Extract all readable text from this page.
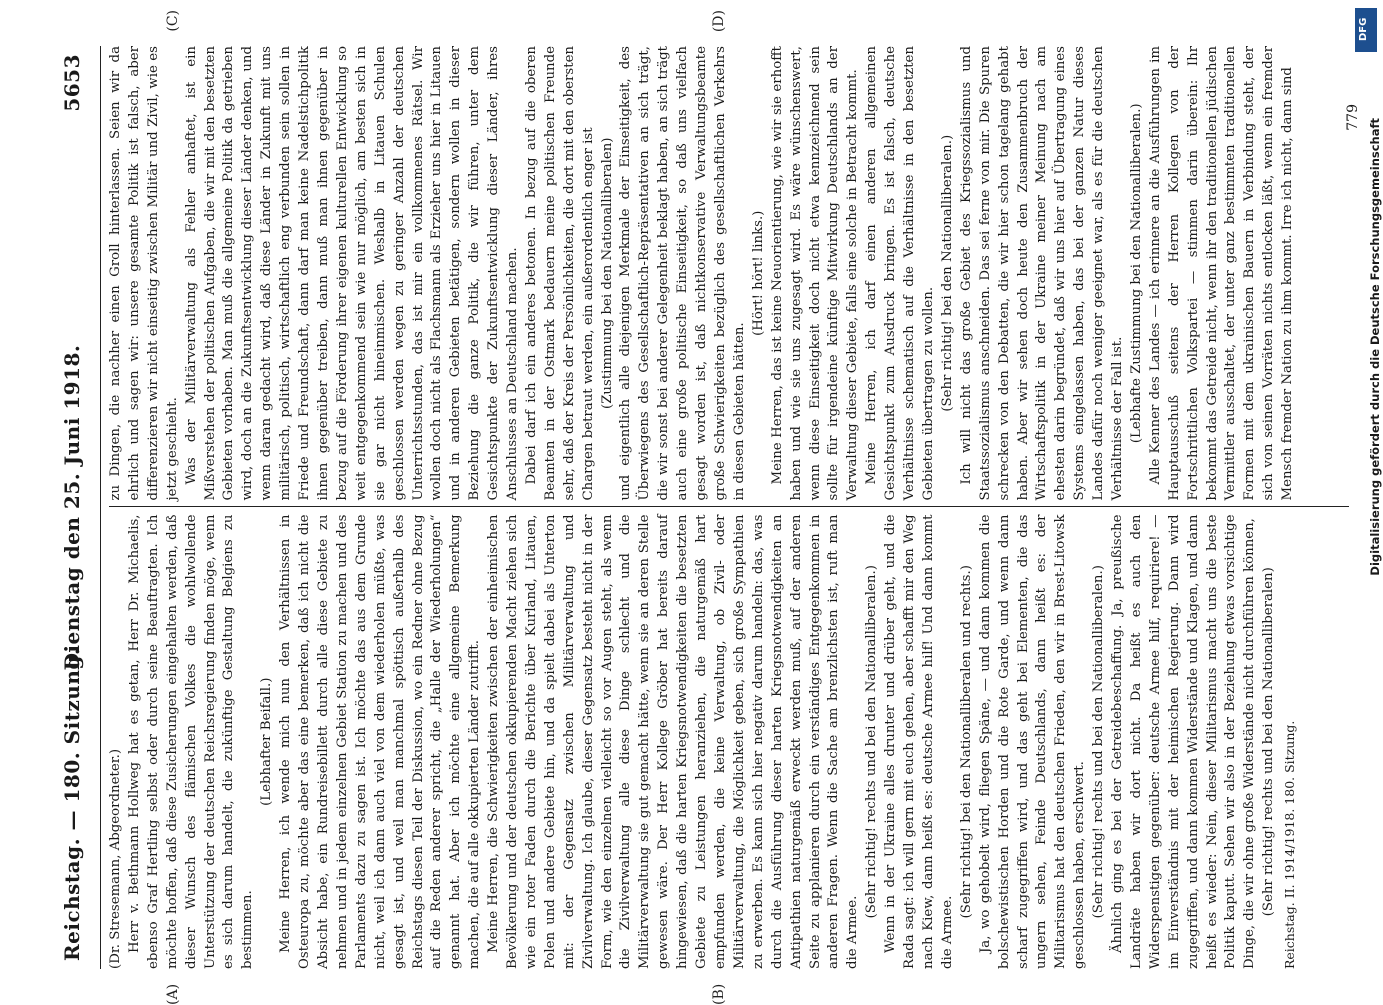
Reichstag. — 180. Sitzung.
Dienstag den 25. Juni 1918.
5653
(A)	(B)
(C)	(D)

(Dr. Stresemann, Abgeordneter.) Herr v. Bethmann Hollweg hat es getan, Herr Dr. Michaelis, ebenso Graf Hertling selbst oder durch seine Beauftragten. Ich möchte hoffen, daß diese Zusicherungen eingehalten werden, daß dieser Wunsch des flämischen Volkes die wohlwollende Unterstützung der deutschen Reichsregierung finden möge, wenn es sich darum handelt, die zukünftige Gestaltung Belgiens zu bestimmen.

(Lebhafter Beifall.) Meine Herren, ich wende mich nun den Verhältnissen in Osteuropa zu, möchte aber das eine bemerken, daß ich nicht die Absicht habe, ein Rundreisebillett durch alle diese Gebiete zu nehmen und in jedem einzelnen Gebiet Station zu machen und des Parlaments dazu zu sagen ist. Ich möchte das aus dem Grunde nicht, weil ich dann auch viel von dem wiederholen müßte, was gesagt ist, und weil man manchmal spöttisch außerhalb des Reichstags diesen Teil der Diskussion, wo ein Redner ohne Bezug auf die Reden anderer spricht, die „Halle der Wiederholungen“ genannt hat. Aber ich möchte eine allgemeine Bemerkung machen, die auf alle okkupierten Länder zutrifft. Meine Herren, die Schwierigkeiten zwischen der einheimischen Bevölkerung und der deutschen okkupierenden Macht ziehen sich wie ein roter Faden durch die Berichte über Kurland, Litauen, Polen und andere Gebiete hin, und da spielt dabei als Unterton mit: der Gegensatz zwischen Militärverwaltung und Zivilverwaltung. Ich glaube, dieser Gegensatz besteht nicht in der Form, wie den einzelnen vielleicht so vor Augen steht, als wenn die Zivilverwaltung alle diese Dinge schlecht und die Militärverwaltung sie gut gemacht hätte, wenn sie an deren Stelle gewesen wäre. Der Herr Kollege Gröber hat bereits darauf hingewiesen, daß die harten Kriegsnotwendigkeiten die besetzten Gebiete zu Leistungen heranziehen, die naturgemäß hart empfunden werden, die keine Verwaltung, ob Zivil- oder Militärverwaltung, die Möglichkeit geben, sich große Sympathien zu erwerben. Es kann sich hier negativ darum handeln: das, was durch die Ausführung dieser harten Kriegsnotwendigkeiten an Antipathien naturgemäß erweckt werden muß, auf der anderen Seite zu applanieren durch ein verständiges Entgegenkommen in anderen Fragen. Wenn die Sache am brenzlichsten ist, ruft man die Armee.

(Sehr richtig! rechts und bei den Nationalliberalen.) Wenn in der Ukraine alles drunter und drüber geht, und die Rada sagt: ich will gern mit euch gehen, aber schafft mir den Weg nach Kiew, dann heißt es: deutsche Armee hilf! Und dann kommt die Armee.

(Sehr richtig! bei den Nationalliberalen und rechts.) Ja, wo gehobelt wird, fliegen Späne, — und dann kommen die bolschewistischen Horden und die Rote Garde, und wenn dann scharf zugegriffen wird, und das geht bei Elementen, die das ungern sehen, Feinde Deutschlands, dann heißt es: der Militarismus hat den deutschen Frieden, den wir in Brest-Litowsk geschlossen haben, erschwert. (Sehr richtig! rechts und bei den Nationalliberalen.) Ähnlich ging es bei der Getreidebeschaffung. Ja, preußische Landräte haben wir dort nicht. Da heißt es auch den Widerspenstigen gegenüber: deutsche Armee hilf, requiriere! — im Einverständnis mit der heimischen Regierung. Dann wird zugegriffen, und dann kommen Widerstände und Klagen, und dann heißt es wieder: Nein, dieser Militarismus macht uns die beste Politik kaputt. Sehen wir also in der Beziehung etwas vorsichtige Dinge, die wir ohne große Widerstände nicht durchführen können, (Sehr richtig! rechts und bei den Nationalliberalen) Reichstag. II. 1914/1918. 180. Sitzung.

zu Dingen, die nachher einen Groll hinterlassen. Seien wir da ehrlich und sagen wir: unsere gesamte Politik ist falsch, aber differenzieren wir nicht einseitig zwischen Militär und Zivil, wie es jetzt geschieht. Was der Militärverwaltung als Fehler anhaftet, ist ein Mißverstehen der politischen Aufgaben, die wir mit den besetzten Gebieten vorhaben. Man muß die allgemeine Politik da getrieben wird, doch an die Zukunftsentwicklung dieser Länder denken, und wenn daran gedacht wird, daß diese Länder in Zukunft mit uns militärisch, politisch, wirtschaftlich eng verbunden sein sollen in Friede und Freundschaft, dann darf man keine Nadelstichpolitik ihnen gegenüber treiben, dann muß man ihnen gegenüber in bezug auf die Förderung ihrer eigenen kulturellen Entwicklung so weit entgegenkommend sein wie nur möglich, am besten sich in sie gar nicht hineinmischen. Weshalb in Litauen Schulen geschlossen werden wegen zu geringer Anzahl der deutschen Unterrichtsstunden, das ist mir ein vollkommenes Rätsel. Wir wollen doch nicht als Flachsmann als Erzieher uns hier in Litauen und in anderen Gebieten betätigen, sondern wollen in dieser Beziehung die ganze Politik, die wir führen, unter dem Gesichtspunkte der Zukunftsentwicklung dieser Länder, ihres Anschlusses an Deutschland machen. Dabei darf ich ein anderes betonen. In bezug auf die oberen Beamten in der Ostmark bedauern meine politischen Freunde sehr, daß der Kreis der Persönlichkeiten, die dort mit den obersten Chargen betraut werden, ein außerordentlich enger ist (Zustimmung bei den Nationalliberalen) und eigentlich alle diejenigen Merkmale der Einseitigkeit, des Überwiegens des Gesellschaftlich-Repräsentativen an sich trägt, die wir sonst bei anderer Gelegenheit beklagt haben, an sich trägt auch eine große politische Einseitigkeit, so daß uns vielfach gesagt worden ist, daß nichtkonservative Verwaltungsbeamte große Schwierigkeiten bezüglich des gesellschaftlichen Verkehrs in diesen Gebieten hätten.

(Hört! hört! links.) Meine Herren, das ist keine Neuorientierung, wie wir sie erhofft haben und wie sie uns zugesagt wird. Es wäre wünschenswert, wenn diese Einseitigkeit doch nicht etwa kennzeichnend sein sollte für irgendeine künftige Mitwirkung Deutschlands an der Verwaltung dieser Gebiete, falls eine solche in Betracht kommt. Meine Herren, ich darf einen anderen allgemeinen Gesichtspunkt zum Ausdruck bringen. Es ist falsch, deutsche Verhältnisse schematisch auf die Verhältnisse in den besetzten Gebieten übertragen zu wollen. (Sehr richtig! bei den Nationalliberalen.) Ich will nicht das große Gebiet des Kriegssozialismus und Staatssozialismus anschneiden. Das sei ferne von mir. Die Spuren schrecken von den Debatten, die wir hier schon tagelang gehabt haben. Aber wir sehen doch heute den Zusammenbruch der Wirtschaftspolitik in der Ukraine meiner Meinung nach am ehesten darin begründet, daß wir uns hier auf Übertragung eines Systems eingelassen haben, das bei der ganzen Natur dieses Landes dafür noch weniger geeignet war, als es für die deutschen Verhältnisse der Fall ist. (Lebhafte Zustimmung bei den Nationalliberalen.) Alle Kenner des Landes — ich erinnere an die Ausführungen im Hauptausschuß seitens der Herren Kollegen von der Fortschrittlichen Volkspartei — stimmen darin überein: Ihr bekommt das Getreide nicht, wenn ihr den traditionellen jüdischen Vermittler ausschaltet, der unter ganz bestimmten traditionellen Formen mit dem ukrainischen Bauern in Verbindung steht, der sich von seinen Vorräten nichts entlocken läßt, wenn ein fremder Mensch fremder Nation zu ihm kommt. Irre ich nicht, dann sind	779
DFG
Digitalisierung gefördert durch die Deutsche Forschungsgemeinschaft
